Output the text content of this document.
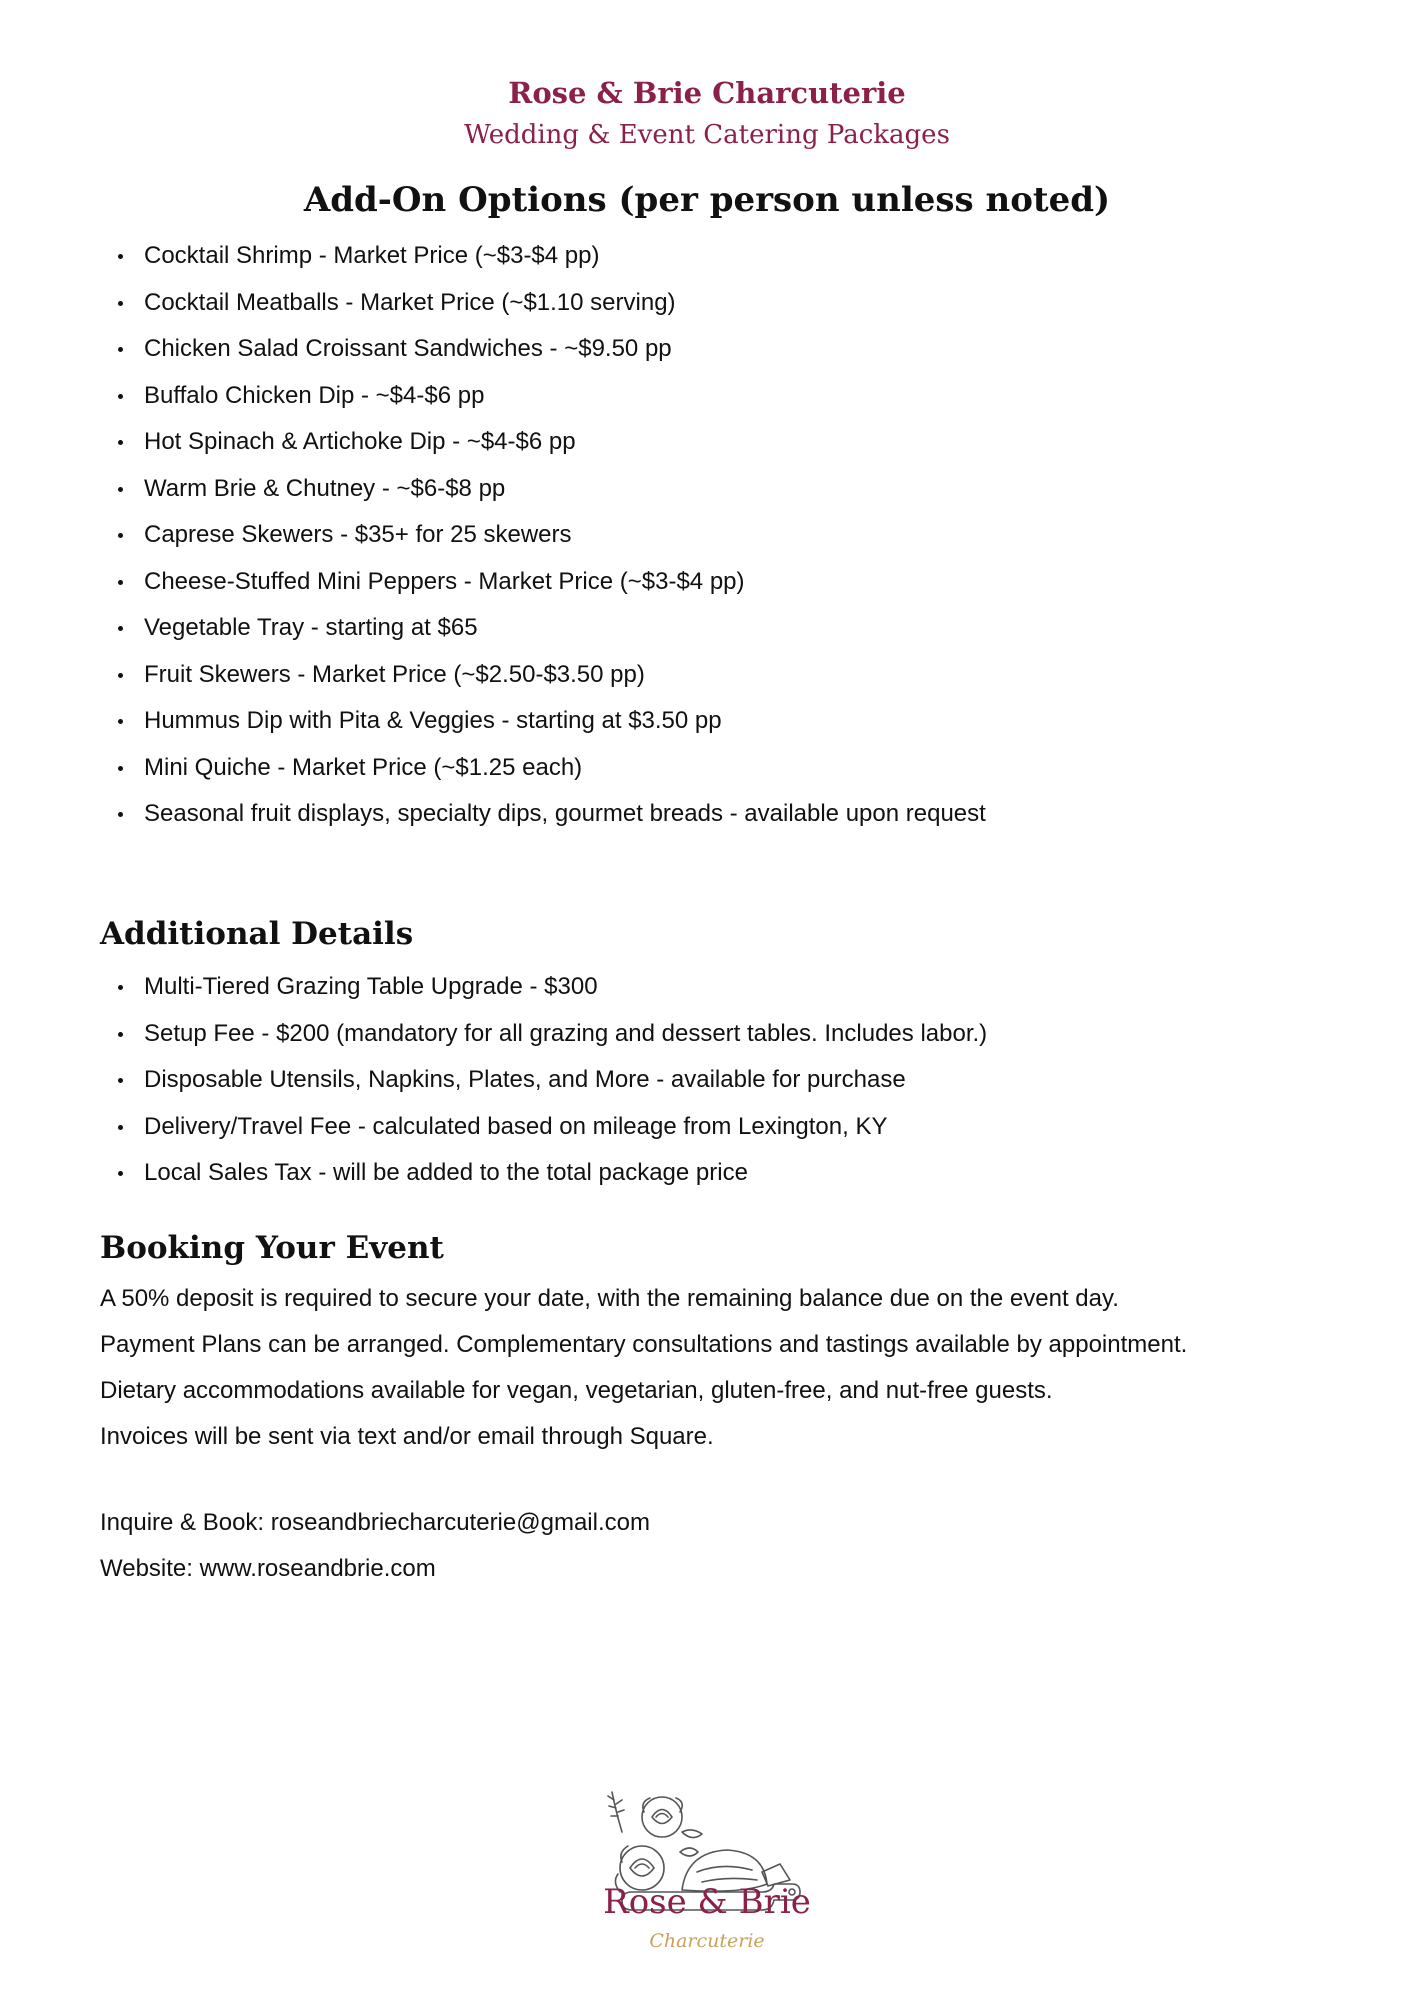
Rose & Brie Charcuterie
Wedding & Event Catering Packages
Add-On Options (per person unless noted)
Cocktail Shrimp - Market Price (~$3-$4 pp)
Cocktail Meatballs - Market Price (~$1.10 serving)
Chicken Salad Croissant Sandwiches - ~$9.50 pp
Buffalo Chicken Dip - ~$4-$6 pp
Hot Spinach & Artichoke Dip - ~$4-$6 pp
Warm Brie & Chutney - ~$6-$8 pp
Caprese Skewers - $35+ for 25 skewers
Cheese-Stuffed Mini Peppers - Market Price (~$3-$4 pp)
Vegetable Tray - starting at $65
Fruit Skewers - Market Price (~$2.50-$3.50 pp)
Hummus Dip with Pita & Veggies - starting at $3.50 pp
Mini Quiche - Market Price (~$1.25 each)
Seasonal fruit displays, specialty dips, gourmet breads - available upon request
Additional Details
Multi-Tiered Grazing Table Upgrade - $300
Setup Fee - $200 (mandatory for all grazing and dessert tables. Includes labor.)
Disposable Utensils, Napkins, Plates, and More - available for purchase
Delivery/Travel Fee - calculated based on mileage from Lexington, KY
Local Sales Tax - will be added to the total package price
Booking Your Event

A 50% deposit is required to secure your date, with the remaining balance due on the event day.

Payment Plans can be arranged. Complementary consultations and tastings available by appointment.

Dietary accommodations available for vegan, vegetarian, gluten-free, and nut-free guests.

Invoices will be sent via text and/or email through Square.

Inquire & Book: roseandbriecharcuterie@gmail.com

Website: www.roseandbrie.com

Rose & Brie
Charcuterie
